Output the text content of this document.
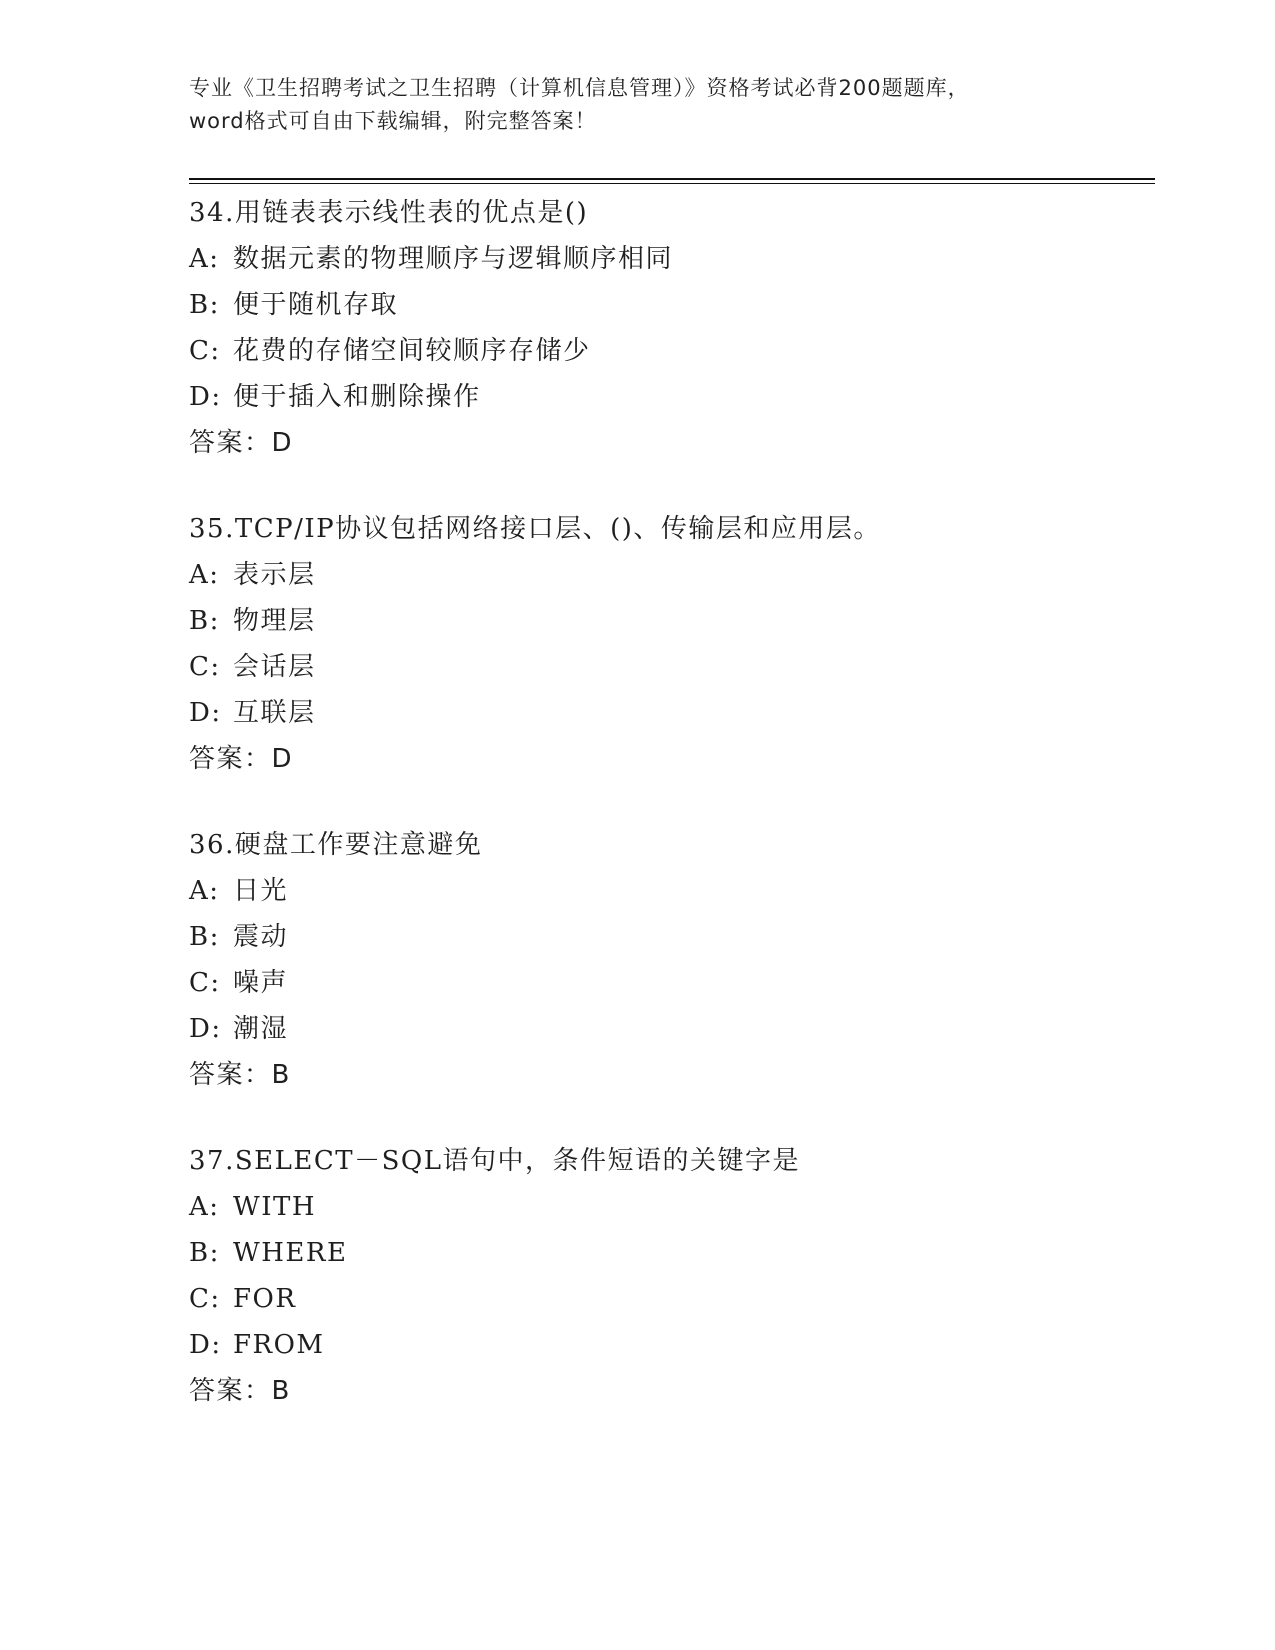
专业《卫生招聘考试之卫生招聘（计算机信息管理）》资格考试必背200题题库，

word格式可自由下载编辑，附完整答案！

34.用链表表示线性表的优点是()
A: 数据元素的物理顺序与逻辑顺序相同
B: 便于随机存取
C: 花费的存储空间较顺序存储少
D: 便于插入和删除操作
答案：D
35.TCP/IP协议包括网络接口层、()、传输层和应用层。
A: 表示层
B: 物理层
C: 会话层
D: 互联层
答案：D
36.硬盘工作要注意避免
A: 日光
B: 震动
C: 噪声
D: 潮湿
答案：B
37.SELECT－SQL语句中，条件短语的关键字是
A: WITH
B: WHERE
C: FOR
D: FROM
答案：B
